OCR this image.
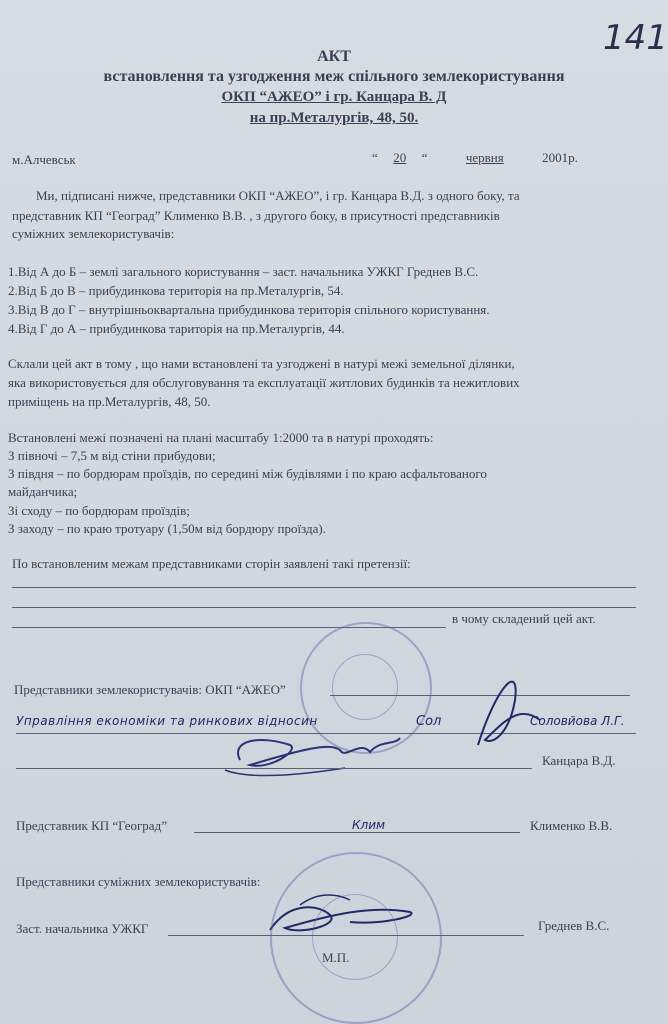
141
АКТ
встановлення та узгодження меж спільного землекористування
ОКП “АЖЕО” і гр. Канцара В. Д
на пр.Металургів, 48, 50.
м.Алчевськ	“ 20 “	червня	2001р.
Ми, підписані нижче, представники ОКП “АЖЕО”, і гр. Канцара В.Д. з одного боку, та
представник КП “Геоград” Клименко В.В. , з другого боку, в присутності представників
суміжних землекористувачів:
1.Від А до Б – землі загального користування – заст. начальника УЖКГ Греднев В.С.
2.Від Б до В – прибудинкова територія на пр.Металургів, 54.
3.Від В до Г – внутрішньоквартальна прибудинкова територія спільного користування.
4.Від Г до А – прибудинкова тариторія на пр.Металургів, 44.
Склали цей акт в тому , що нами встановлені та узгоджені в натурі межі земельної ділянки,
яка використовується для обслуговування та експлуатації житлових будинків та нежитлових
приміщень на пр.Металургів, 48, 50.
Встановлені межі позначені на плані масштабу 1:2000 та в натурі проходять:
З півночі – 7,5 м від стіни прибудови;
З півдня – по бордюрам проїздів, по середині між будівлями і по краю асфальтованого
майданчика;
Зі сходу – по бордюрам проїздів;
З заходу – по краю тротуару (1,50м від бордюру проїзда).
По встановленим межам представниками сторін заявлені такі претензії:
в чому складений цей акт.
Представники землекористувачів: ОКП “АЖЕО”
Управління економіки та ринкових відносин	Сол	Соловйова Л.Г.
Канцара В.Д.
Представник КП “Геоград”	Клим	Клименко В.В.
Представники суміжних землекористувачів:
Заст. начальника УЖКГ	Греднев В.С.
М.П.
